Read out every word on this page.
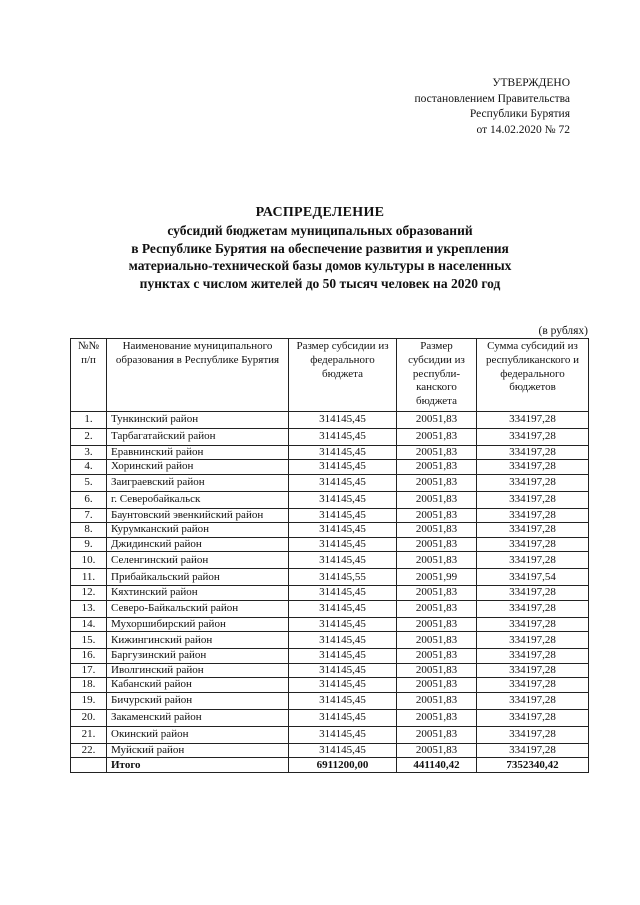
УТВЕРЖДЕНО
постановлением Правительства
Республики Бурятия
от 14.02.2020 № 72
РАСПРЕДЕЛЕНИЕ
субсидий бюджетам муниципальных образований
в Республике Бурятия на обеспечение развития и укрепления
материально-технической базы домов культуры в населенных
пунктах с числом жителей до 50 тысяч человек на 2020 год
(в рублях)
№№ п/п	Наименование муниципального образования в Республике Бурятия	Размер субсидии из федерального бюджета	Размер субсидии из республи-канского бюджета	Сумма субсидий из республиканского и федерального бюджетов
1.	Тункинский район	314145,45	20051,83	334197,28
2.	Тарбагатайский район	314145,45	20051,83	334197,28
3.	Еравнинский район	314145,45	20051,83	334197,28
4.	Хоринский район	314145,45	20051,83	334197,28
5.	Заиграевский район	314145,45	20051,83	334197,28
6.	г. Северобайкальск	314145,45	20051,83	334197,28
7.	Баунтовский эвенкийский район	314145,45	20051,83	334197,28
8.	Курумканский район	314145,45	20051,83	334197,28
9.	Джидинский район	314145,45	20051,83	334197,28
10.	Селенгинский район	314145,45	20051,83	334197,28
11.	Прибайкальский район	314145,55	20051,99	334197,54
12.	Кяхтинский район	314145,45	20051,83	334197,28
13.	Северо-Байкальский район	314145,45	20051,83	334197,28
14.	Мухоршибирский район	314145,45	20051,83	334197,28
15.	Кижингинский район	314145,45	20051,83	334197,28
16.	Баргузинский район	314145,45	20051,83	334197,28
17.	Иволгинский район	314145,45	20051,83	334197,28
18.	Кабанский район	314145,45	20051,83	334197,28
19.	Бичурский район	314145,45	20051,83	334197,28
20.	Закаменский район	314145,45	20051,83	334197,28
21.	Окинский район	314145,45	20051,83	334197,28
22.	Муйский район	314145,45	20051,83	334197,28
	Итого	6911200,00	441140,42	7352340,42
